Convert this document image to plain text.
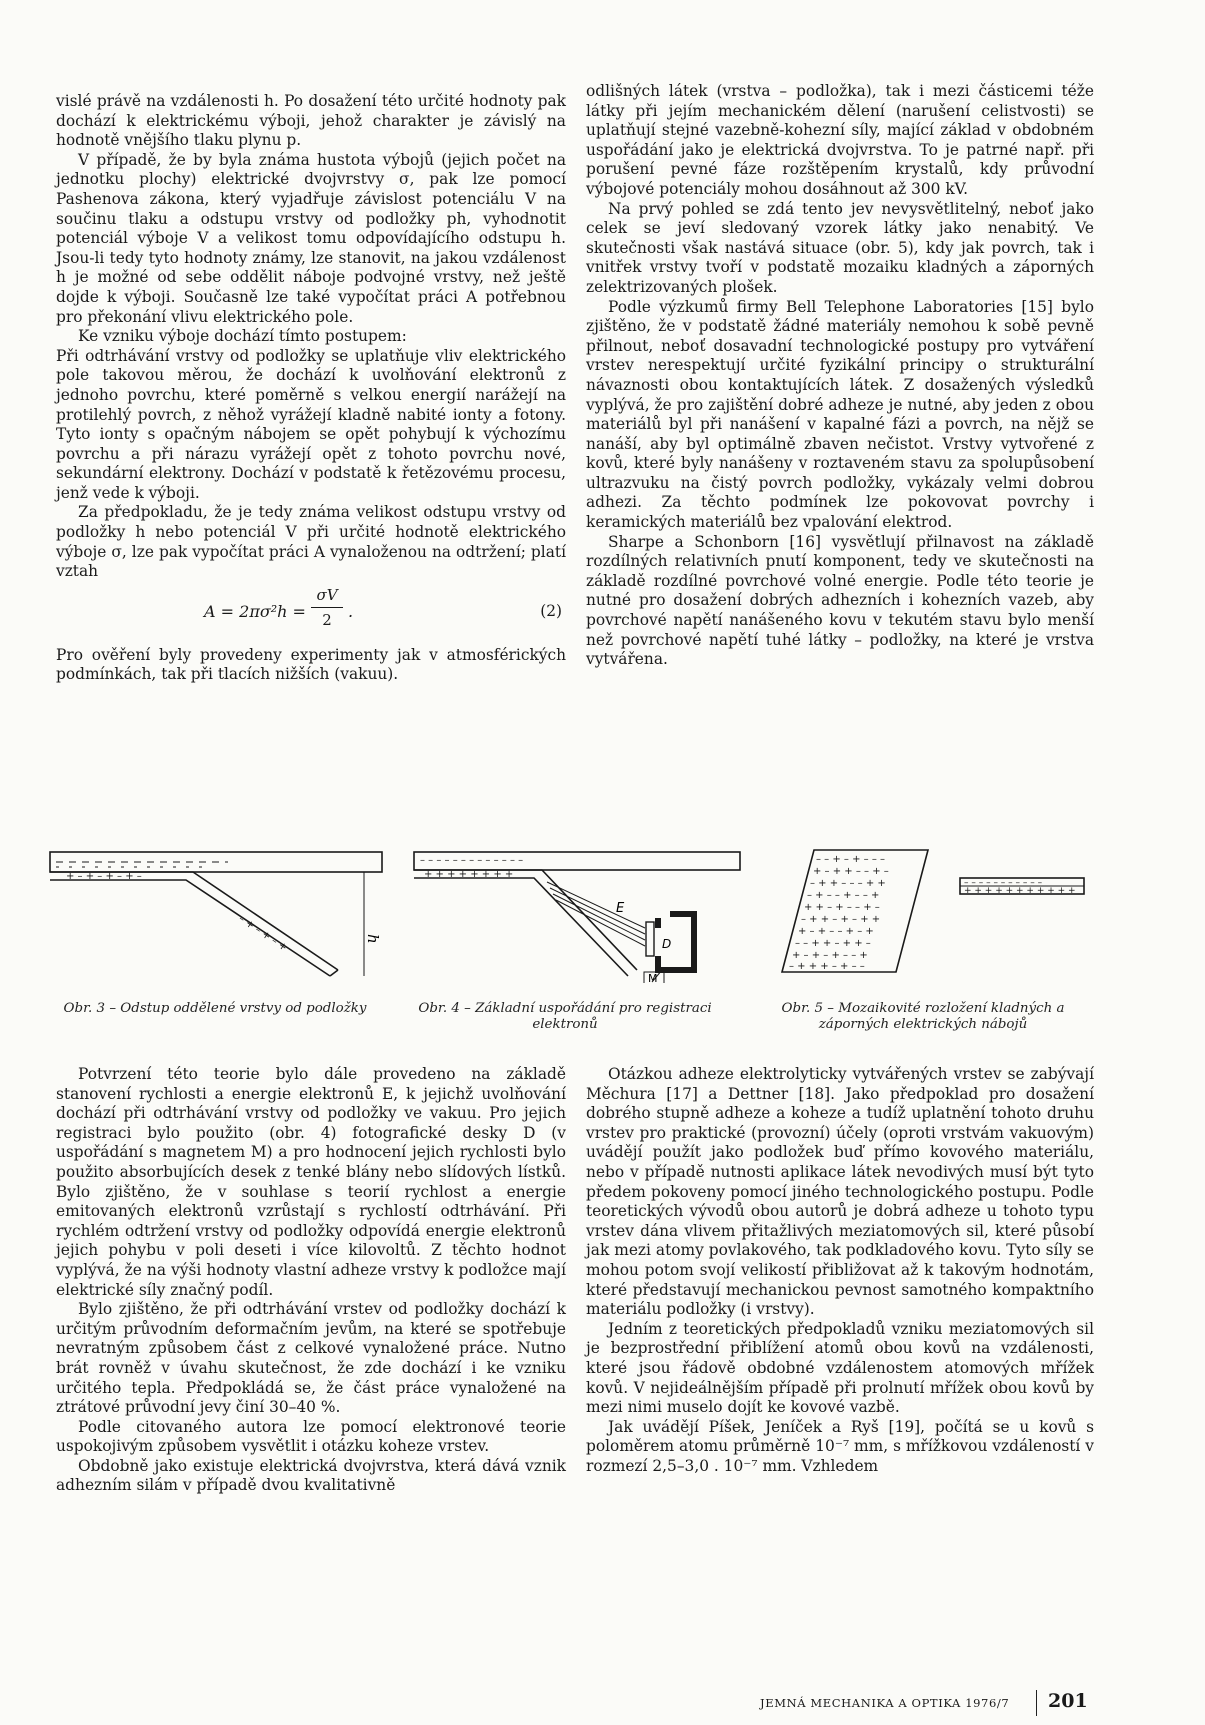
vislé právě na vzdálenosti h. Po dosažení této určité hodnoty pak dochází k elektrickému výboji, jehož charakter je závislý na hodnotě vnějšího tlaku plynu p.

V případě, že by byla známa hustota výbojů (jejich počet na jednotku plochy) elektrické dvojvrstvy σ, pak lze pomocí Pashenova zákona, který vyjadřuje závislost potenciálu V na součinu tlaku a odstupu vrstvy od podložky ph, vyhodnotit potenciál výboje V a velikost tomu odpovídajícího odstupu h. Jsou-li tedy tyto hodnoty známy, lze stanovit, na jakou vzdálenost h je možné od sebe oddělit náboje podvojné vrstvy, než ještě dojde k výboji. Současně lze také vypočítat práci A potřebnou pro překonání vlivu elektrického pole.

Ke vzniku výboje dochází tímto postupem:

Při odtrhávání vrstvy od podložky se uplatňuje vliv elektrického pole takovou měrou, že dochází k uvolňování elektronů z jednoho povrchu, které poměrně s velkou energií narážejí na protilehlý povrch, z něhož vyrážejí kladně nabité ionty a fotony. Tyto ionty s opačným nábojem se opět pohybují k výchozímu povrchu a při nárazu vyrážejí opět z tohoto povrchu nové, sekundární elektrony. Dochází v podstatě k řetězovému procesu, jenž vede k výboji.

Za předpokladu, že je tedy známa velikost odstupu vrstvy od podložky h nebo potenciál V při určité hodnotě elektrického výboje σ, lze pak vypočítat práci A vynaloženou na odtržení; platí vztah

A = 2πσ²h =
σV
2	.	(2)

Pro ověření byly provedeny experimenty jak v atmosférických podmínkách, tak při tlacích nižších (vakuu).

odlišných látek (vrstva – podložka), tak i mezi částicemi téže látky při jejím mechanickém dělení (narušení celistvosti) se uplatňují stejné vazebně-kohezní síly, mající základ v obdobném uspořádání jako je elektrická dvojvrstva. To je patrné např. při porušení pevné fáze rozštěpením krystalů, kdy průvodní výbojové potenciály mohou dosáhnout až 300 kV.

Na prvý pohled se zdá tento jev nevysvětlitelný, neboť jako celek se jeví sledovaný vzorek látky jako nenabitý. Ve skutečnosti však nastává situace (obr. 5), kdy jak povrch, tak i vnitřek vrstvy tvoří v podstatě mozaiku kladných a záporných zelektrizovaných plošek.

Podle výzkumů firmy Bell Telephone Laboratories [15] bylo zjištěno, že v podstatě žádné materiály nemohou k sobě pevně přilnout, neboť dosavadní technologické postupy pro vytváření vrstev nerespektují určité fyzikální principy o strukturální návaznosti obou kontaktujících látek. Z dosažených výsledků vyplývá, že pro zajištění dobré adheze je nutné, aby jeden z obou materiálů byl při nanášení v kapalné fázi a povrch, na nějž se nanáší, aby byl optimálně zbaven nečistot. Vrstvy vytvořené z kovů, které byly nanášeny v roztaveném stavu za spolupůsobení ultrazvuku na čistý povrch podložky, vykázaly velmi dobrou adhezi. Za těchto podmínek lze pokovovat povrchy i keramických materiálů bez vpalování elektrod.

Sharpe a Schonborn [16] vysvětlují přilnavost na základě rozdílných relativních pnutí komponent, tedy ve skutečnosti na základě rozdílné povrchové volné energie. Podle této teorie je nutné pro dosažení dobrých adhezních i kohezních vazeb, aby povrchové napětí nanášeného kovu v tekutém stavu bylo menší než povrchové napětí tuhé látky – podložky, na které je vrstva vytvářena.

+ – + – + – + –
– + – + – +	h
– – – – – – – – – – – – –
+ + + + + + + +
E
D
M
– – + – + – – –
+ – + + – – + –
– + + – – – + +
– + – – + – – +
+ + – + – – + –
– + + – + – + +
+ – + – – + – +
– – + + – + + –
+ – + – + – – +
– + + + – + – –
– – – – – – – – – – –
+ + + + + + + + + + +
Obr. 3 – Odstup oddělené vrstvy od podložky	Obr. 4 – Základní uspořádání pro registraci elektronů
Obr. 5 – Mozaikovité rozložení kladných a záporných elektrických nábojů

Potvrzení této teorie bylo dále provedeno na základě stanovení rychlosti a energie elektronů E, k jejichž uvolňování dochází při odtrhávání vrstvy od podložky ve vakuu. Pro jejich registraci bylo použito (obr. 4) fotografické desky D (v uspořádání s magnetem M) a pro hodnocení jejich rychlosti bylo použito absorbujících desek z tenké blány nebo slídových lístků. Bylo zjištěno, že v souhlase s teorií rychlost a energie emitovaných elektronů vzrůstají s rychlostí odtrhávání. Při rychlém odtržení vrstvy od podložky odpovídá energie elektronů jejich pohybu v poli deseti i více kilovoltů. Z těchto hodnot vyplývá, že na výši hodnoty vlastní adheze vrstvy k podložce mají elektrické síly značný podíl.

Bylo zjištěno, že při odtrhávání vrstev od podložky dochází k určitým průvodním deformačním jevům, na které se spotřebuje nevratným způsobem část z celkové vynaložené práce. Nutno brát rovněž v úvahu skutečnost, že zde dochází i ke vzniku určitého tepla. Předpokládá se, že část práce vynaložené na ztrátové průvodní jevy činí 30–40 %.

Podle citovaného autora lze pomocí elektronové teorie uspokojivým způsobem vysvětlit i otázku koheze vrstev.

Obdobně jako existuje elektrická dvojvrstva, která dává vznik adhezním silám v případě dvou kvalitativně

Otázkou adheze elektrolyticky vytvářených vrstev se zabývají Měchura [17] a Dettner [18]. Jako předpoklad pro dosažení dobrého stupně adheze a koheze a tudíž uplatnění tohoto druhu vrstev pro praktické (provozní) účely (oproti vrstvám vakuovým) uvádějí použít jako podložek buď přímo kovového materiálu, nebo v případě nutnosti aplikace látek nevodivých musí být tyto předem pokoveny pomocí jiného technologického postupu. Podle teoretických vývodů obou autorů je dobrá adheze u tohoto typu vrstev dána vlivem přitažlivých meziatomových sil, které působí jak mezi atomy povlakového, tak podkladového kovu. Tyto síly se mohou potom svojí velikostí přibližovat až k takovým hodnotám, které představují mechanickou pevnost samotného kompaktního materiálu podložky (i vrstvy).

Jedním z teoretických předpokladů vzniku meziatomových sil je bezprostřední přiblížení atomů obou kovů na vzdálenosti, které jsou řádově obdobné vzdálenostem atomových mřížek kovů. V nejideálnějším případě při prolnutí mřížek obou kovů by mezi nimi muselo dojít ke kovové vazbě.

Jak uvádějí Píšek, Jeníček a Ryš [19], počítá se u kovů s poloměrem atomu průměrně 10⁻⁷ mm, s mřížkovou vzdáleností v rozmezí 2,5–3,0 . 10⁻⁷ mm. Vzhledem

JEMNÁ MECHANIKA A OPTIKA 1976/7 201
